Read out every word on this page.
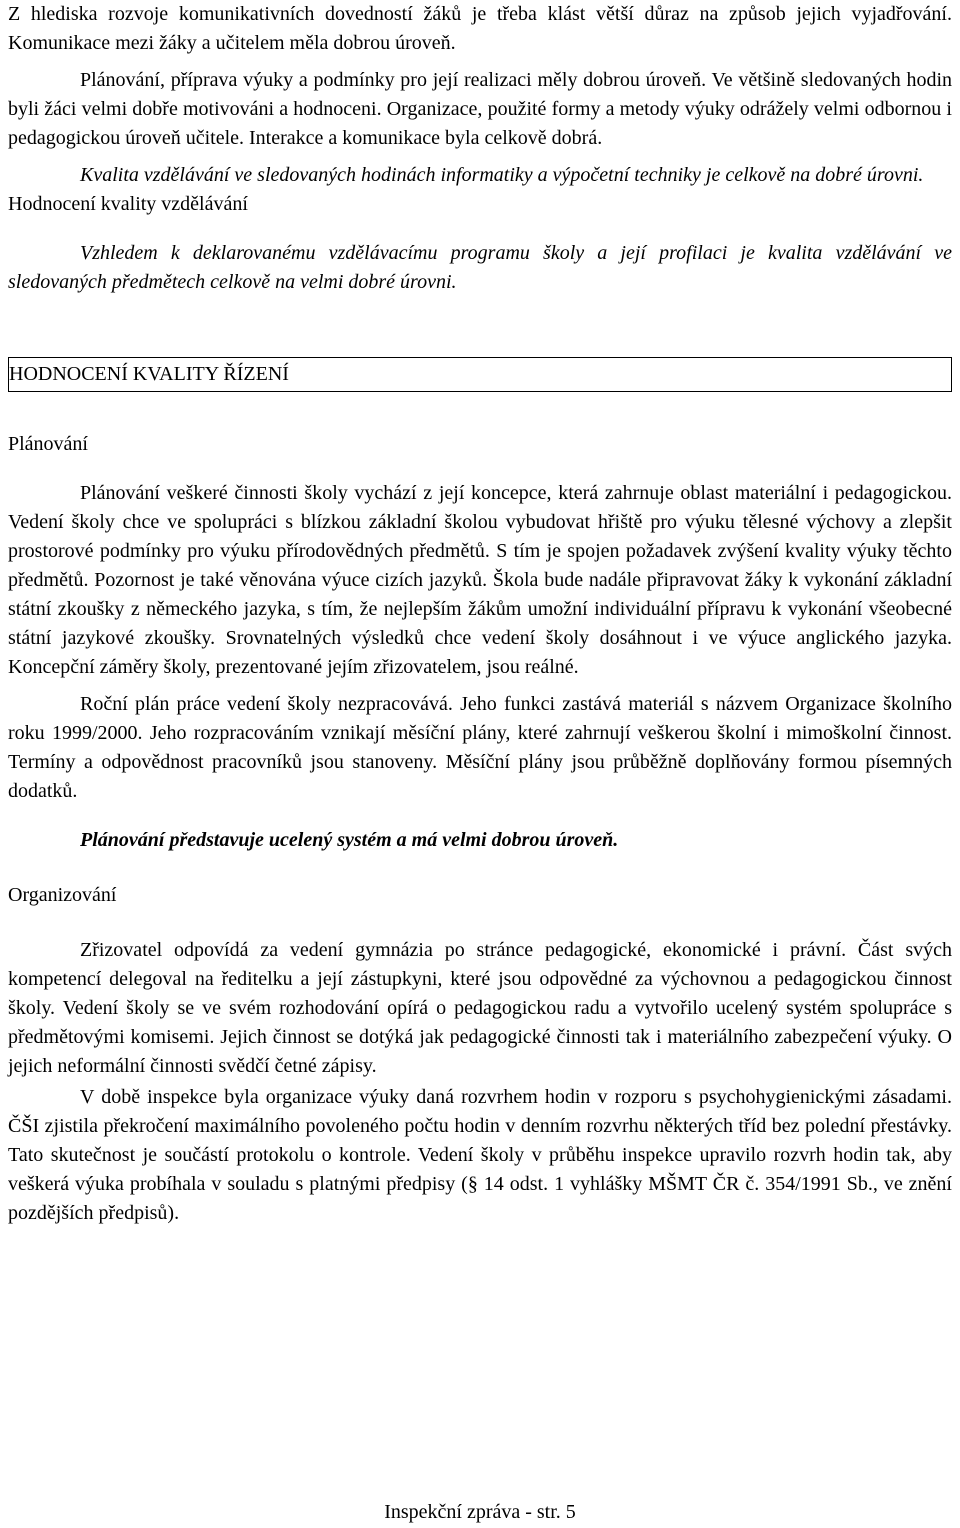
Z hlediska rozvoje komunikativních dovedností žáků je třeba klást větší důraz na způsob jejich vyjadřování. Komunikace mezi žáky a učitelem měla dobrou úroveň.

Plánování, příprava výuky a podmínky pro její realizaci měly dobrou úroveň. Ve většině sledovaných hodin byli žáci velmi dobře motivováni a hodnoceni. Organizace, použité formy a metody výuky odrážely velmi odbornou i pedagogickou úroveň učitele. Interakce a komunikace byla celkově dobrá.

Kvalita vzdělávání ve sledovaných hodinách informatiky a výpočetní techniky je celkově na dobré úrovni.

Hodnocení kvality vzdělávání

Vzhledem k deklarovanému vzdělávacímu programu školy a její profilaci je kvalita vzdělávání ve sledovaných předmětech celkově na velmi dobré úrovni.

HODNOCENÍ KVALITY ŘÍZENÍ

Plánování

Plánování veškeré činnosti školy vychází z její koncepce, která zahrnuje oblast materiální i pedagogickou. Vedení školy chce ve spolupráci s blízkou základní školou vybudovat hřiště pro výuku tělesné výchovy a zlepšit prostorové podmínky pro výuku přírodovědných předmětů. S tím je spojen požadavek zvýšení kvality výuky těchto předmětů. Pozornost je také věnována výuce cizích jazyků. Škola bude nadále připravovat žáky k vykonání základní státní zkoušky z německého jazyka, s tím, že nejlepším žákům umožní individuální přípravu k vykonání všeobecné státní jazykové zkoušky. Srovnatelných výsledků chce vedení školy dosáhnout i ve výuce anglického jazyka. Koncepční záměry školy, prezentované jejím zřizovatelem, jsou reálné.

Roční plán práce vedení školy nezpracovává. Jeho funkci zastává materiál s názvem Organizace školního roku 1999/2000. Jeho rozpracováním vznikají měsíční plány, které zahrnují veškerou školní i mimoškolní činnost. Termíny a odpovědnost pracovníků jsou stanoveny. Měsíční plány jsou průběžně doplňovány formou písemných dodatků.

Plánování představuje ucelený systém a má velmi dobrou úroveň.

Organizování

Zřizovatel odpovídá za vedení gymnázia po stránce pedagogické, ekonomické i právní. Část svých kompetencí delegoval na ředitelku a její zástupkyni, které jsou odpovědné za výchovnou a pedagogickou činnost školy. Vedení školy se ve svém rozhodování opírá o pedagogickou radu a vytvořilo ucelený systém spolupráce s předmětovými komisemi. Jejich činnost se dotýká jak pedagogické činnosti tak i materiálního zabezpečení výuky. O jejich neformální činnosti svědčí četné zápisy.

V době inspekce byla organizace výuky daná rozvrhem hodin v rozporu s psychohygienickými zásadami. ČŠI zjistila překročení maximálního povoleného počtu hodin v denním rozvrhu některých tříd bez polední přestávky. Tato skutečnost je součástí protokolu o kontrole. Vedení školy v průběhu inspekce upravilo rozvrh hodin tak, aby veškerá výuka probíhala v souladu s platnými předpisy (§ 14 odst. 1 vyhlášky MŠMT ČR č. 354/1991 Sb., ve znění pozdějších předpisů).

Inspekční zpráva - str. 5
